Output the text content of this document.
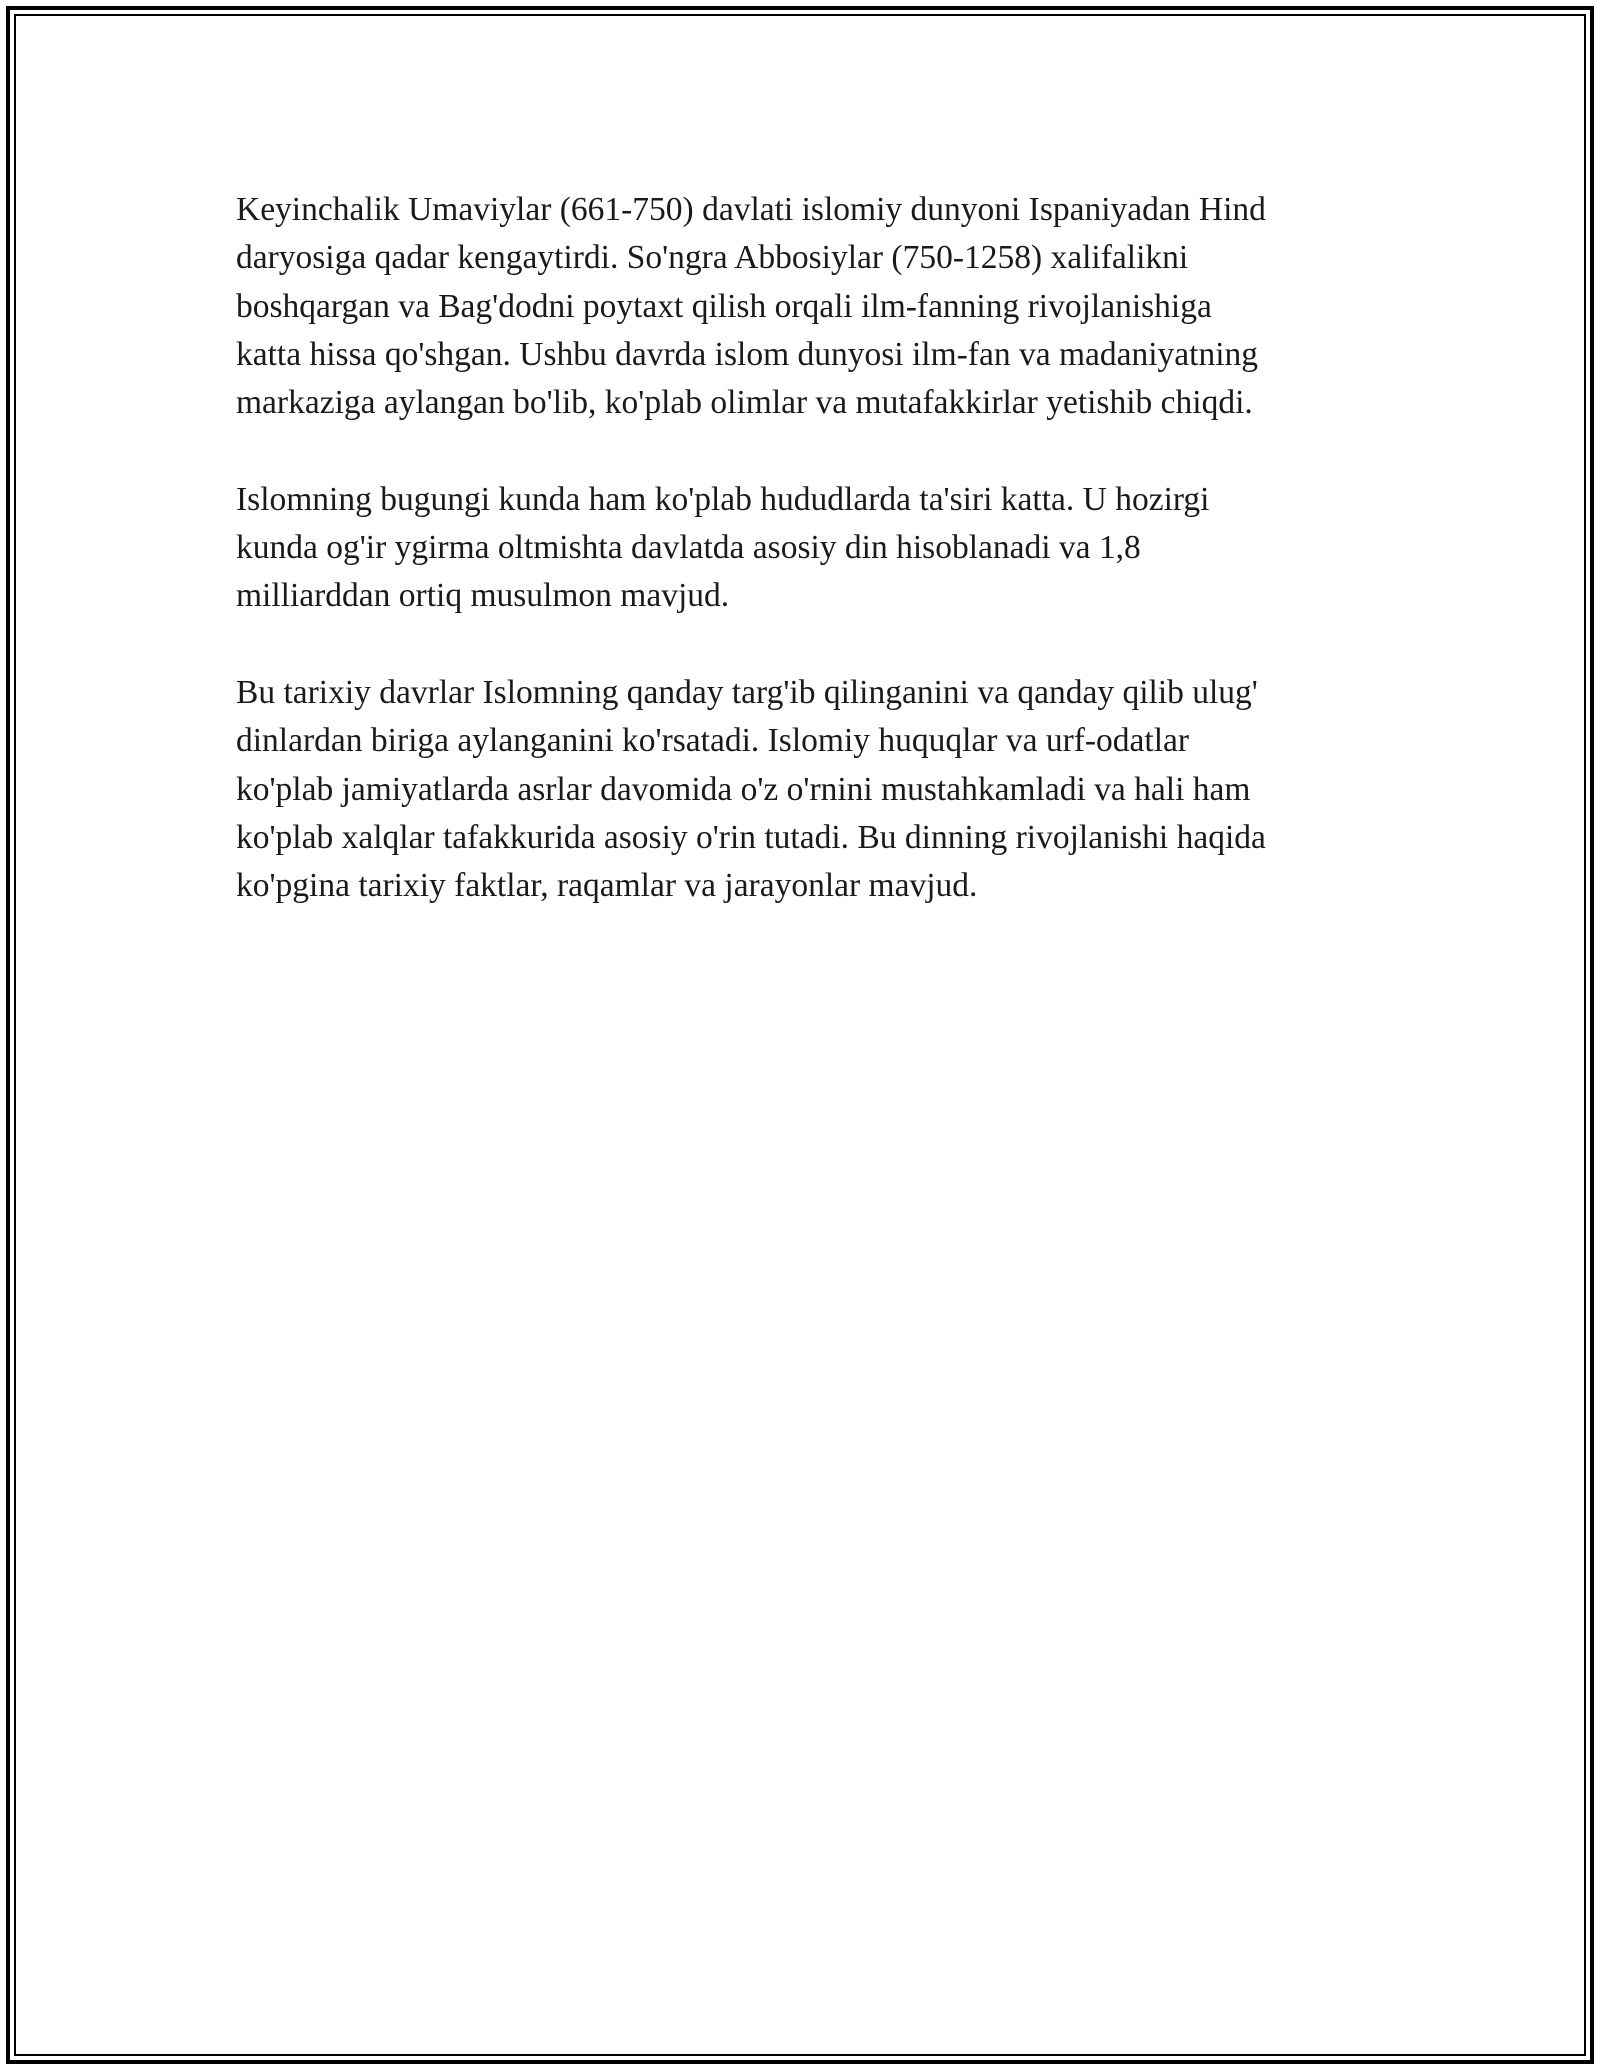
Keyinchalik Umaviylar (661-750) davlati islomiy dunyoni Ispaniyadan Hind
daryosiga qadar kengaytirdi. So'ngra Abbosiylar (750-1258) xalifalikni
boshqargan va Bag'dodni poytaxt qilish orqali ilm-fanning rivojlanishiga
katta hissa qo'shgan. Ushbu davrda islom dunyosi ilm-fan va madaniyatning
markaziga aylangan bo'lib, ko'plab olimlar va mutafakkirlar yetishib chiqdi.

Islomning bugungi kunda ham ko'plab hududlarda ta'siri katta. U hozirgi
kunda og'ir ygirma oltmishta davlatda asosiy din hisoblanadi va 1,8
milliarddan ortiq musulmon mavjud.

Bu tarixiy davrlar Islomning qanday targ'ib qilinganini va qanday qilib ulug'
dinlardan biriga aylanganini ko'rsatadi. Islomiy huquqlar va urf-odatlar
ko'plab jamiyatlarda asrlar davomida o'z o'rnini mustahkamladi va hali ham
ko'plab xalqlar tafakkurida asosiy o'rin tutadi. Bu dinning rivojlanishi haqida
ko'pgina tarixiy faktlar, raqamlar va jarayonlar mavjud.
